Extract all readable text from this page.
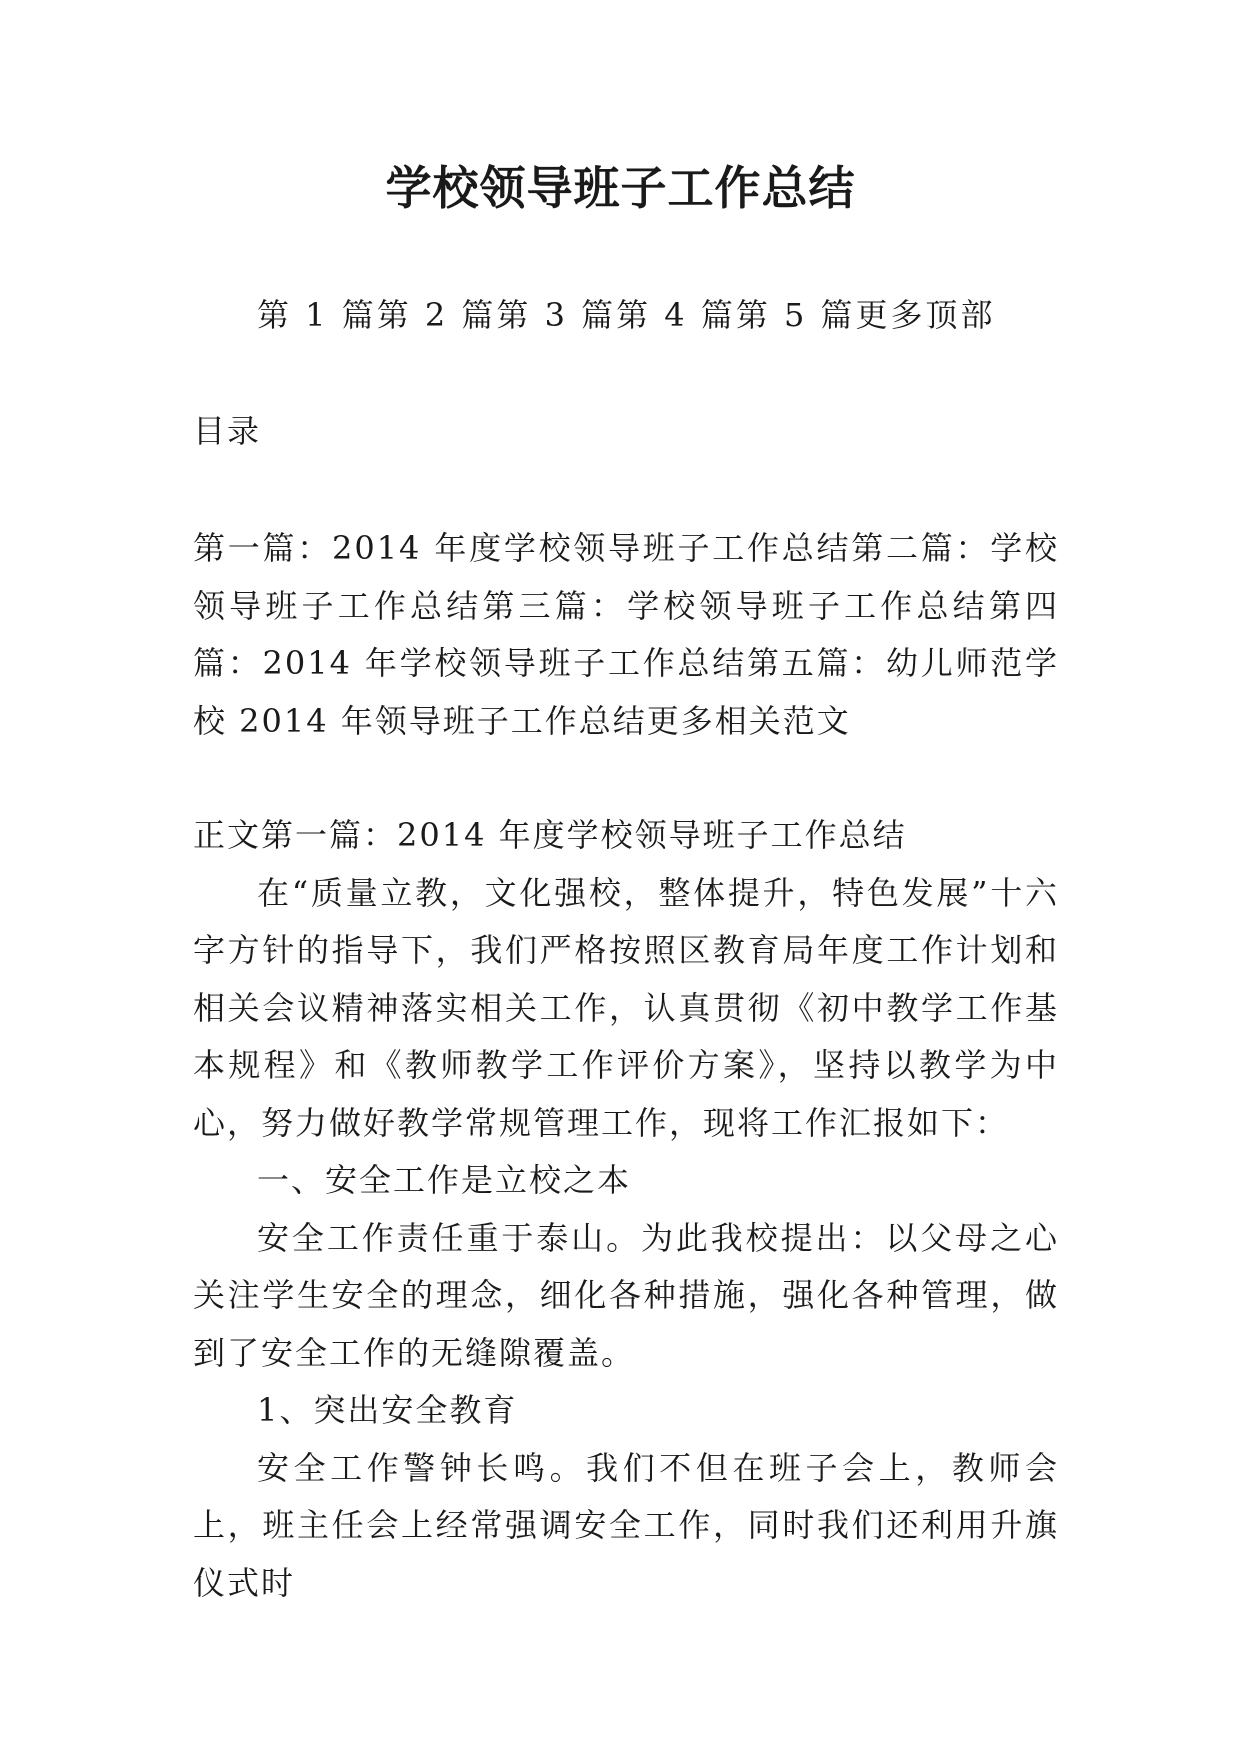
学校领导班子工作总结

第 1 篇第 2 篇第 3 篇第 4 篇第 5 篇更多顶部

目录

第一篇：2014 年度学校领导班子工作总结第二篇：学校领导班子工作总结第三篇：学校领导班子工作总结第四篇：2014 年学校领导班子工作总结第五篇：幼儿师范学校 2014 年领导班子工作总结更多相关范文

正文第一篇：2014 年度学校领导班子工作总结

在“质量立教，文化强校，整体提升，特色发展”十六字方针的指导下，我们严格按照区教育局年度工作计划和相关会议精神落实相关工作，认真贯彻《初中教学工作基本规程》和《教师教学工作评价方案》，坚持以教学为中心，努力做好教学常规管理工作，现将工作汇报如下：

一、安全工作是立校之本

安全工作责任重于泰山。为此我校提出：以父母之心关注学生安全的理念，细化各种措施，强化各种管理，做到了安全工作的无缝隙覆盖。

1、突出安全教育

安全工作警钟长鸣。我们不但在班子会上，教师会上，班主任会上经常强调安全工作，同时我们还利用升旗仪式时
